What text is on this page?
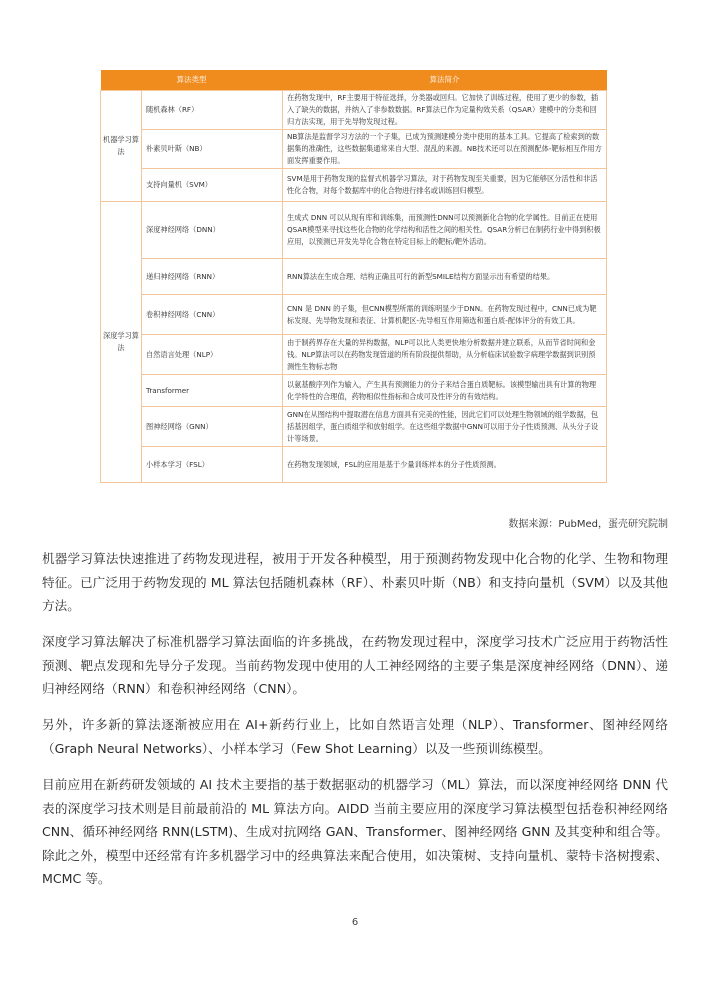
算法类型		算法简介
机器学习算法	随机森林（RF）	在药物发现中，RF主要用于特征选择，分类器或回归。它加快了训练过程，使用了更少的参数，插入了缺失的数据，并纳入了非参数数据。RF算法已作为定量构效关系（QSAR）建模中的分类和回归方法实现，用于先导物发现过程。
	朴素贝叶斯（NB）	NB算法是监督学习方法的一个子集，已成为预测建模分类中使用的基本工具。它提高了检索到的数据集的准确性，这些数据集通常来自大型、混乱的来源。NB技术还可以在预测配体-靶标相互作用方面发挥重要作用。
	支持向量机（SVM）	SVM是用于药物发现的监督式机器学习算法，对于药物发现至关重要，因为它能够区分活性和非活性化合物，对每个数据库中的化合物进行排名或训练回归模型。
深度学习算法	深度神经网络（DNN）	生成式 DNN 可以从现有库和训练集，而预测性DNN可以预测新化合物的化学属性。目前正在使用QSAR模型来寻找这些化合物的化学结构和活性之间的相关性。QSAR分析已在制药行业中得到积极应用，以预测已开发先导化合物在特定目标上的靶标/靶外活动。
	递归神经网络（RNN）	RNN算法在生成合理、结构正确且可行的新型SMILE结构方面显示出有希望的结果。
	卷积神经网络（CNN）	CNN 是 DNN 的子集，但CNN模型所需的训练明显少于DNN。在药物发现过程中，CNN已成为靶标发现、先导物发现和表征、计算机靶区-先导相互作用筛选和蛋白质-配体评分的有效工具。
	自然语言处理（NLP）	由于制药界存在大量的异构数据，NLP可以比人类更快地分析数据并建立联系，从而节省时间和金钱。NLP算法可以在药物发现管道的所有阶段提供帮助，从分析临床试验数字病理学数据到识别预测性生物标志物
	Transformer	以氨基酸序列作为输入，产生具有预测能力的分子来结合蛋白质靶标。该模型输出具有计算的物理化学特性的合理值，药物相似性指标和合成可及性评分的有效结构。
	图神经网络（GNN）	GNN在从图结构中提取潜在信息方面具有完美的性能，因此它们可以处理生物领域的组学数据，包括基因组学，蛋白质组学和放射组学。在这些组学数据中GNN可以用于分子性质预测、从头分子设计等场景。
	小样本学习（FSL）	在药物发现领域，FSL的应用是基于少量训练样本的分子性质预测。
数据来源：PubMed，蛋壳研究院制

机器学习算法快速推进了药物发现进程，被用于开发各种模型，用于预测药物发现中化合物的化学、生物和物理特征。已广泛用于药物发现的 ML 算法包括随机森林（RF）、朴素贝叶斯（NB）和支持向量机（SVM）以及其他方法。

深度学习算法解决了标准机器学习算法面临的许多挑战，在药物发现过程中，深度学习技术广泛应用于药物活性预测、靶点发现和先导分子发现。当前药物发现中使用的人工神经网络的主要子集是深度神经网络（DNN）、递归神经网络（RNN）和卷积神经网络（CNN）。

另外，许多新的算法逐渐被应用在 AI+新药行业上，比如自然语言处理（NLP）、Transformer、图神经网络（Graph Neural Networks）、小样本学习（Few Shot Learning）以及一些预训练模型。

目前应用在新药研发领域的 AI 技术主要指的基于数据驱动的机器学习（ML）算法，而以深度神经网络 DNN 代表的深度学习技术则是目前最前沿的 ML 算法方向。AIDD 当前主要应用的深度学习算法模型包括卷积神经网络 CNN、循环神经网络 RNN(LSTM)、生成对抗网络 GAN、Transformer、图神经网络 GNN 及其变种和组合等。除此之外，模型中还经常有许多机器学习中的经典算法来配合使用，如决策树、支持向量机、蒙特卡洛树搜索、MCMC 等。

6
